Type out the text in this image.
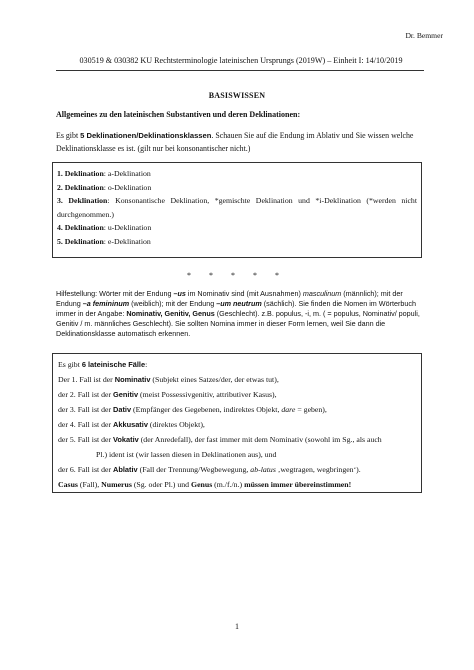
Dr. Bemmer
030519 & 030382 KU Rechtsterminologie lateinischen Ursprungs (2019W) – Einheit I: 14/10/2019
BASISWISSEN
Allgemeines zu den lateinischen Substantiven und deren Deklinationen:
Es gibt 5 Deklinationen/Deklinationsklassen. Schauen Sie auf die Endung im Ablativ und Sie wissen welche Deklinationsklasse es ist. (gilt nur bei konsonantischer nicht.)
1. Deklination: a-Deklination
2. Deklination: o-Deklination
3. Deklination: Konsonantische Deklination, *gemischte Deklination und *i-Deklination (*werden nicht durchgenommen.)
4. Deklination: u-Deklination
5. Deklination: e-Deklination
* * * * *
Hilfestellung: Wörter mit der Endung –us im Nominativ sind (mit Ausnahmen) masculinum (männlich); mit der Endung –a femininum (weiblich); mit der Endung –um neutrum (sächlich). Sie finden die Nomen im Wörterbuch immer in der Angabe: Nominativ, Genitiv, Genus (Geschlecht). z.B. populus, -i, m. ( = populus, Nominativ/ populi, Genitiv / m. männliches Geschlecht). Sie sollten Nomina immer in dieser Form lernen, weil Sie dann die Deklinationsklasse automatisch erkennen.
Es gibt 6 lateinische Fälle:
Der 1. Fall ist der Nominativ (Subjekt eines Satzes/der, der etwas tut),
der 2. Fall ist der Genitiv (meist Possessivgenitiv, attributiver Kasus),
der 3. Fall ist der Dativ (Empfänger des Gegebenen, indirektes Objekt, dare = geben),
der 4. Fall ist der Akkusativ (direktes Objekt),
der 5. Fall ist der Vokativ (der Anredefall), der fast immer mit dem Nominativ (sowohl im Sg., als auch
Pl.) ident ist (wir lassen diesen in Deklinationen aus), und
der 6. Fall ist der Ablativ (Fall der Trennung/Wegbewegung, ab-latus ‚wegtragen, wegbringen‘).
Casus (Fall), Numerus (Sg. oder Pl.) und Genus (m./f./n.) müssen immer übereinstimmen!
1
